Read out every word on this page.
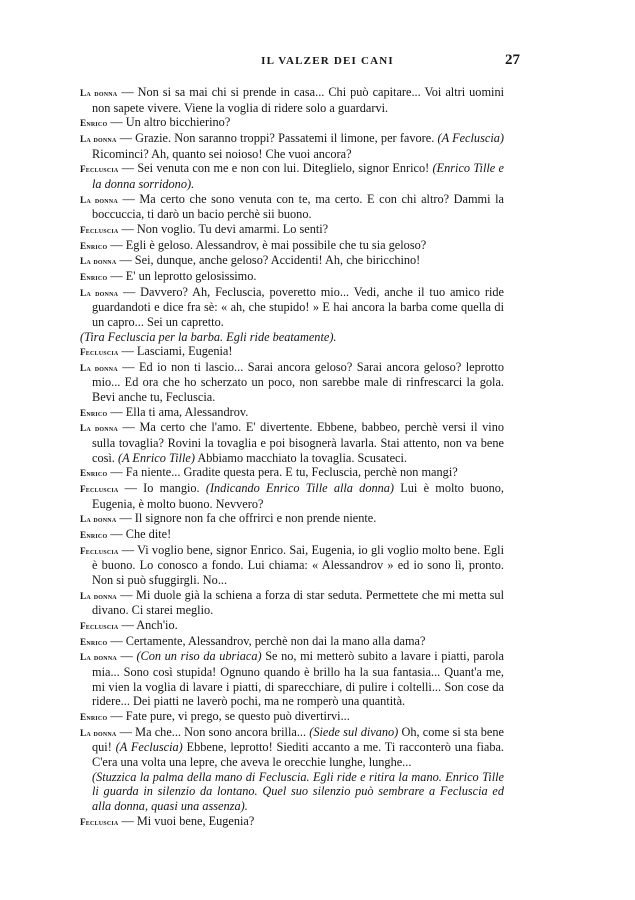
IL VALZER DEI CANI	27

La donna — Non si sa mai chi si prende in casa... Chi può capitare... Voi altri uomini non sapete vivere. Viene la voglia di ridere solo a guardarvi.

Enrico — Un altro bicchierino?

La donna — Grazie. Non saranno troppi? Passatemi il limone, per favore. (A Fecluscia) Ricominci? Ah, quanto sei noioso! Che vuoi ancora?

Fecluscia — Sei venuta con me e non con lui. Diteglielo, signor Enrico! (Enrico Tille e la donna sorridono).

La donna — Ma certo che sono venuta con te, ma certo. E con chi altro? Dammi la boccuccia, ti darò un bacio perchè sii buono.

Fecluscia — Non voglio. Tu devi amarmi. Lo senti?

Enrico — Egli è geloso. Alessandrov, è mai possibile che tu sia geloso?

La donna — Sei, dunque, anche geloso? Accidenti! Ah, che biricchino!

Enrico — E' un leprotto gelosissimo.

La donna — Davvero? Ah, Fecluscia, poveretto mio... Vedi, anche il tuo amico ride guardandoti e dice fra sè: « ah, che stupido! » E hai ancora la barba come quella di un capro... Sei un capretto.

(Tira Fecluscia per la barba. Egli ride beatamente).

Fecluscia — Lasciami, Eugenia!

La donna — Ed io non ti lascio... Sarai ancora geloso? Sarai ancora geloso? leprotto mio... Ed ora che ho scherzato un poco, non sarebbe male di rinfrescarci la gola. Bevi anche tu, Fecluscia.

Enrico — Ella ti ama, Alessandrov.

La donna — Ma certo che l'amo. E' divertente. Ebbene, babbeo, perchè versi il vino sulla tovaglia? Rovini la tovaglia e poi bisognerà lavarla. Stai attento, non va bene così. (A Enrico Tille) Abbiamo macchiato la tovaglia. Scusateci.

Enrico — Fa niente... Gradite questa pera. E tu, Fecluscia, perchè non mangi?

Fecluscia — Io mangio. (Indicando Enrico Tille alla donna) Lui è molto buono, Eugenia, è molto buono. Nevvero?

La donna — Il signore non fa che offrirci e non prende niente.

Enrico — Che dite!

Fecluscia — Vi voglio bene, signor Enrico. Sai, Eugenia, io gli voglio molto bene. Egli è buono. Lo conosco a fondo. Lui chiama: « Alessandrov » ed io sono lì, pronto. Non si può sfuggirgli. No...

La donna — Mi duole già la schiena a forza di star seduta. Permettete che mi metta sul divano. Ci starei meglio.

Fecluscia — Anch'io.

Enrico — Certamente, Alessandrov, perchè non dai la mano alla dama?

La donna — (Con un riso da ubriaca) Se no, mi metterò subito a lavare i piatti, parola mia... Sono così stupida! Ognuno quando è brillo ha la sua fantasia... Quant'a me, mi vien la voglia di lavare i piatti, di sparecchiare, di pulire i coltelli... Son cose da ridere... Dei piatti ne laverò pochi, ma ne romperò una quantità.

Enrico — Fate pure, vi prego, se questo può divertirvi...

La donna — Ma che... Non sono ancora brilla... (Siede sul divano) Oh, come si sta bene qui! (A Fecluscia) Ebbene, leprotto! Siediti accanto a me. Ti racconterò una fiaba. C'era una volta una lepre, che aveva le orecchie lunghe, lunghe...

(Stuzzica la palma della mano di Fecluscia. Egli ride e ritira la mano. Enrico Tille li guarda in silenzio da lontano. Quel suo silenzio può sembrare a Fecluscia ed alla donna, quasi una assenza).

Fecluscia — Mi vuoi bene, Eugenia?
